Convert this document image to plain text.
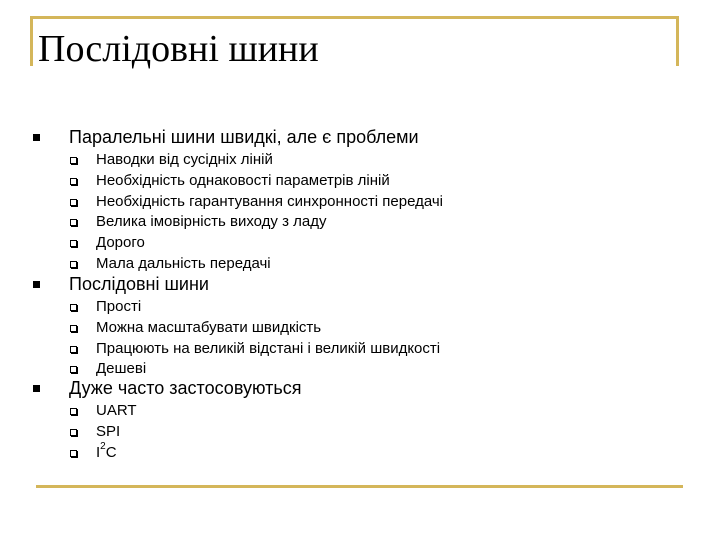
Послідовні шини
Паралельні шини швидкі, але є проблеми
Наводки від сусідніх ліній
Необхідність однаковості параметрів ліній
Необхідність гарантування синхронності передачі
Велика імовірність виходу з ладу
Дорого
Мала дальність передачі
Послідовні шини
Прості
Можна масштабувати швидкість
Працюють на великій відстані і великій швидкості
Дешеві
Дуже часто застосовуються
UART
SPI
$I^2C$
